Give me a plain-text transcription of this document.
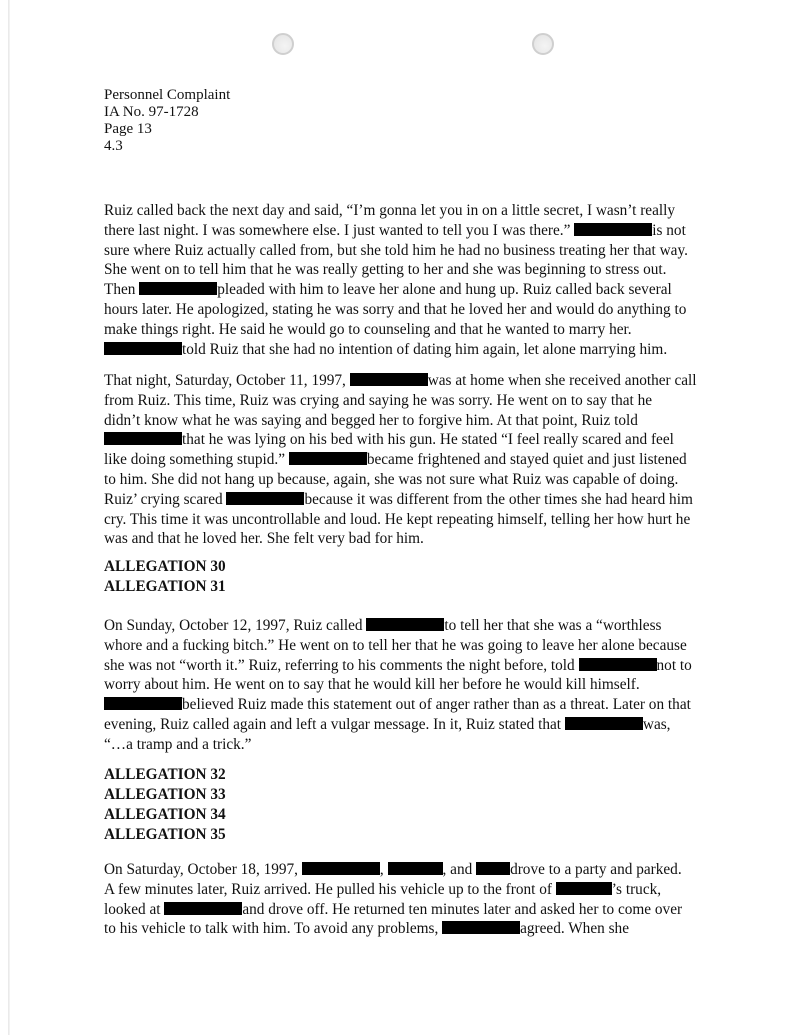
Personnel Complaint
IA No. 97-1728
Page 13
4.3
Ruiz called back the next day and said, “I’m gonna let you in on a little secret, I wasn’t really
there last night. I was somewhere else. I just wanted to tell you I was there.”	is not
sure where Ruiz actually called from, but she told him he had no business treating her that way.
She went on to tell him that he was really getting to her and she was beginning to stress out.
Then	pleaded with him to leave her alone and hung up. Ruiz called back several
hours later. He apologized, stating he was sorry and that he loved her and would do anything to
make things right. He said he would go to counseling and that he wanted to marry her.
told Ruiz that she had no intention of dating him again, let alone marrying him.
That night, Saturday, October 11, 1997,	was at home when she received another call
from Ruiz. This time, Ruiz was crying and saying he was sorry. He went on to say that he
didn’t know what he was saying and begged her to forgive him. At that point, Ruiz told
that he was lying on his bed with his gun. He stated “I feel really scared and feel
like doing something stupid.”	became frightened and stayed quiet and just listened
to him. She did not hang up because, again, she was not sure what Ruiz was capable of doing.
Ruiz’ crying scared	because it was different from the other times she had heard him
cry. This time it was uncontrollable and loud. He kept repeating himself, telling her how hurt he
was and that he loved her. She felt very bad for him.
ALLEGATION 30
ALLEGATION 31
On Sunday, October 12, 1997, Ruiz called	to tell her that she was a “worthless
whore and a fucking bitch.” He went on to tell her that he was going to leave her alone because
she was not “worth it.” Ruiz, referring to his comments the night before, told	not to
worry about him. He went on to say that he would kill her before he would kill himself.
believed Ruiz made this statement out of anger rather than as a threat. Later on that
evening, Ruiz called again and left a vulgar message. In it, Ruiz stated that	was,
“…a tramp and a trick.”
ALLEGATION 32
ALLEGATION 33
ALLEGATION 34
ALLEGATION 35
On Saturday, October 18, 1997,	,	, and drove to a party and parked.
A few minutes later, Ruiz arrived. He pulled his vehicle up to the front of	’s truck,
looked at	and drove off. He returned ten minutes later and asked her to come over
to his vehicle to talk with him. To avoid any problems,	agreed. When she
